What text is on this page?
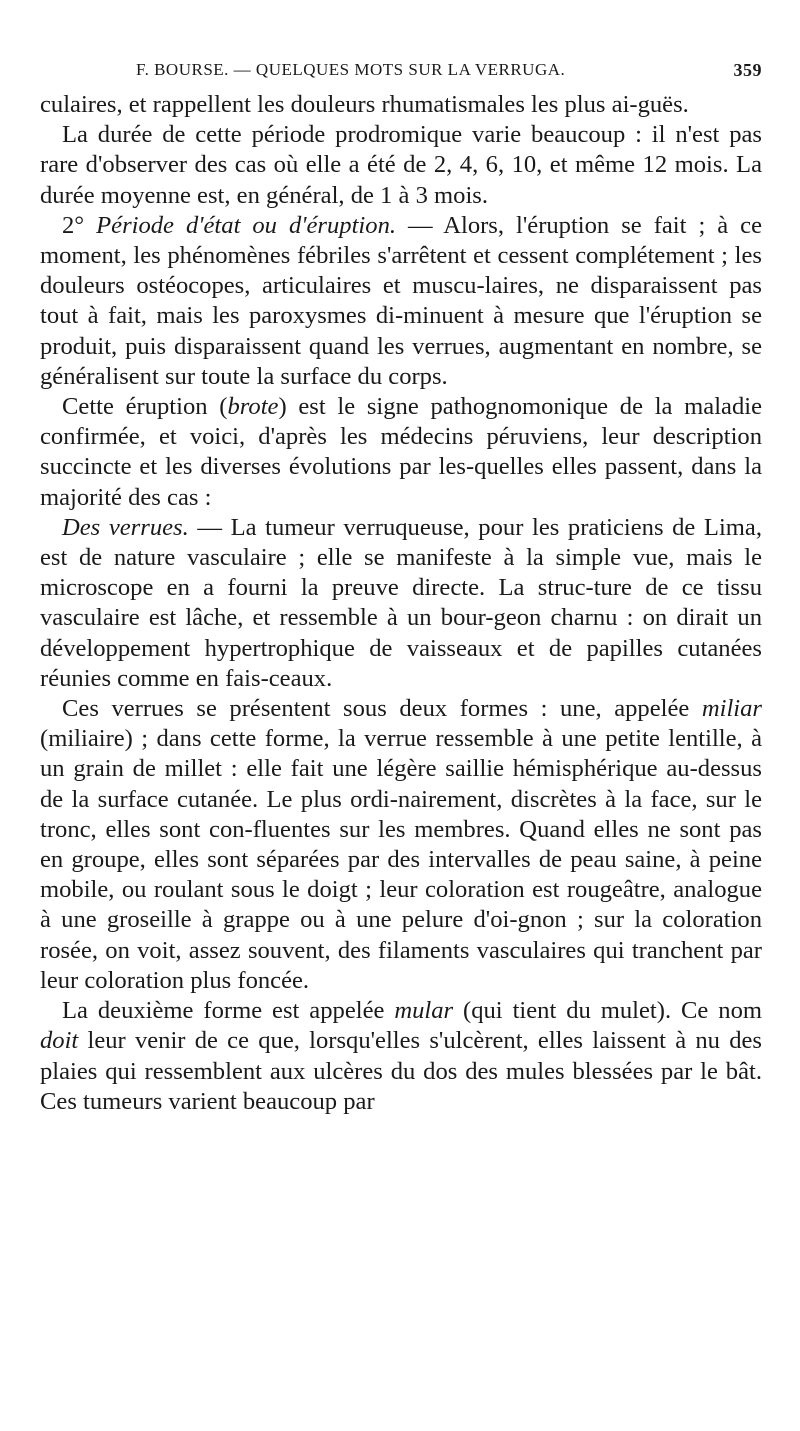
F. BOURSE. — QUELQUES MOTS SUR LA VERRUGA.	359

culaires, et rappellent les douleurs rhumatismales les plus ai-guës.

La durée de cette période prodromique varie beaucoup : il n'est pas rare d'observer des cas où elle a été de 2, 4, 6, 10, et même 12 mois. La durée moyenne est, en général, de 1 à 3 mois.

2° Période d'état ou d'éruption. — Alors, l'éruption se fait ; à ce moment, les phénomènes fébriles s'arrêtent et cessent complétement ; les douleurs ostéocopes, articulaires et muscu-laires, ne disparaissent pas tout à fait, mais les paroxysmes di-minuent à mesure que l'éruption se produit, puis disparaissent quand les verrues, augmentant en nombre, se généralisent sur toute la surface du corps.

Cette éruption (brote) est le signe pathognomonique de la maladie confirmée, et voici, d'après les médecins péruviens, leur description succincte et les diverses évolutions par les-quelles elles passent, dans la majorité des cas :

Des verrues. — La tumeur verruqueuse, pour les praticiens de Lima, est de nature vasculaire ; elle se manifeste à la simple vue, mais le microscope en a fourni la preuve directe. La struc-ture de ce tissu vasculaire est lâche, et ressemble à un bour-geon charnu : on dirait un développement hypertrophique de vaisseaux et de papilles cutanées réunies comme en fais-ceaux.

Ces verrues se présentent sous deux formes : une, appelée miliar (miliaire) ; dans cette forme, la verrue ressemble à une petite lentille, à un grain de millet : elle fait une légère saillie hémisphérique au-dessus de la surface cutanée. Le plus ordi-nairement, discrètes à la face, sur le tronc, elles sont con-fluentes sur les membres. Quand elles ne sont pas en groupe, elles sont séparées par des intervalles de peau saine, à peine mobile, ou roulant sous le doigt ; leur coloration est rougeâtre, analogue à une groseille à grappe ou à une pelure d'oi-gnon ; sur la coloration rosée, on voit, assez souvent, des filaments vasculaires qui tranchent par leur coloration plus foncée.

La deuxième forme est appelée mular (qui tient du mulet). Ce nom doit leur venir de ce que, lorsqu'elles s'ulcèrent, elles laissent à nu des plaies qui ressemblent aux ulcères du dos des mules blessées par le bât. Ces tumeurs varient beaucoup par
